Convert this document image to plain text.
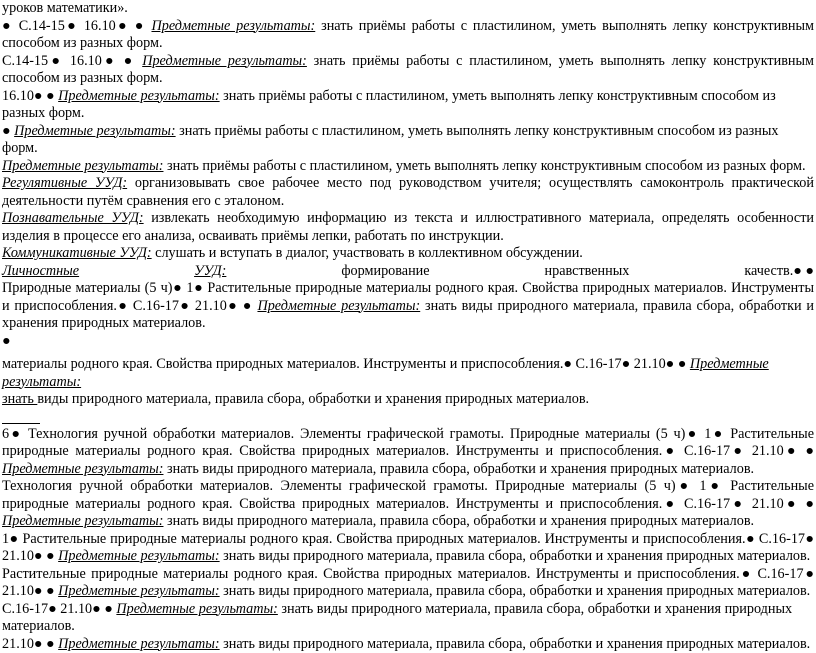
уроков математики».

● С.14-15● 16.10● ● Предметные результаты: знать приёмы работы с пластилином, уметь выполнять лепку конструктивным способом из разных форм.

С.14-15● 16.10● ● Предметные результаты: знать приёмы работы с пластилином, уметь выполнять лепку конструктивным способом из разных форм.

16.10● ● Предметные результаты: знать приёмы работы с пластилином, уметь выполнять лепку конструктивным способом из разных форм.

● Предметные результаты: знать приёмы работы с пластилином, уметь выполнять лепку конструктивным способом из разных форм.

Предметные результаты: знать приёмы работы с пластилином, уметь выполнять лепку конструктивным способом из разных форм.

Регулятивные УУД: организовывать свое рабочее место под руководством учителя; осуществлять самоконтроль практической деятельности путём сравнения его с эталоном.

Познавательные УУД: извлекать необходимую информацию из текста и иллюстративного материала, определять особенности изделия в процессе его анализа, осваивать приёмы лепки, работать по инструкции.

Коммуникативные УУД: слушать и вступать в диалог, участвовать в коллективном обсуждении.

Личностные	УУД:	формирование	нравственных	качеств.● ●

Природные материалы (5 ч)● 1● Растительные природные материалы родного края. Свойства природных материалов. Инструменты и приспособления.● С.16-17● 21.10● ● Предметные результаты: знать виды природного материала, правила сбора, обработки и хранения природных материалов.

●

материалы родного края. Свойства природных материалов. Инструменты и приспособления.● С.16-17● 21.10● ● Предметные результаты:
знать виды природного материала, правила сбора, обработки и хранения природных материалов.

6● Технология ручной обработки материалов. Элементы графической грамоты. Природные материалы (5 ч)● 1● Растительные природные материалы родного края. Свойства природных материалов. Инструменты и приспособления.● С.16-17● 21.10● ● Предметные результаты: знать виды природного материала, правила сбора, обработки и хранения природных материалов.

Технология ручной обработки материалов. Элементы графической грамоты. Природные материалы (5 ч)● 1● Растительные природные материалы родного края. Свойства природных материалов. Инструменты и приспособления.● С.16-17● 21.10● ● Предметные результаты: знать виды природного материала, правила сбора, обработки и хранения природных материалов.

1● Растительные природные материалы родного края. Свойства природных материалов. Инструменты и приспособления.● С.16-17● 21.10● ● Предметные результаты: знать виды природного материала, правила сбора, обработки и хранения природных материалов.

Растительные природные материалы родного края. Свойства природных материалов. Инструменты и приспособления.● С.16-17● 21.10● ● Предметные результаты: знать виды природного материала, правила сбора, обработки и хранения природных материалов.

С.16-17● 21.10● ● Предметные результаты: знать виды природного материала, правила сбора, обработки и хранения природных материалов.

21.10● ● Предметные результаты: знать виды природного материала, правила сбора, обработки и хранения природных материалов.
